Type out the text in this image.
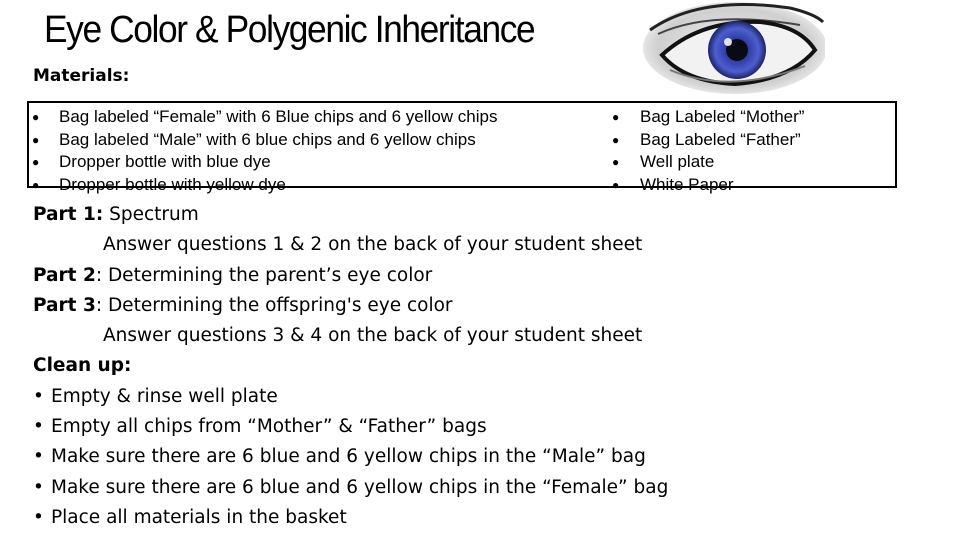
Eye Color & Polygenic Inheritance
Materials:
● Bag labeled “Female” with 6 Blue chips and 6 yellow chips
● Bag labeled “Male” with 6 blue chips and 6 yellow chips
● Dropper bottle with blue dye
● Dropper bottle with yellow dye
● Bag Labeled “Mother”
● Bag Labeled “Father”
● Well plate
● White Paper
Part 1: Spectrum
Answer questions 1 & 2 on the back of your student sheet
Part 2: Determining the parent’s eye color
Part 3: Determining the offspring's eye color
Answer questions 3 & 4 on the back of your student sheet
Clean up:
• Empty & rinse well plate
• Empty all chips from “Mother” & “Father” bags
• Make sure there are 6 blue and 6 yellow chips in the “Male” bag
• Make sure there are 6 blue and 6 yellow chips in the “Female” bag
• Place all materials in the basket
